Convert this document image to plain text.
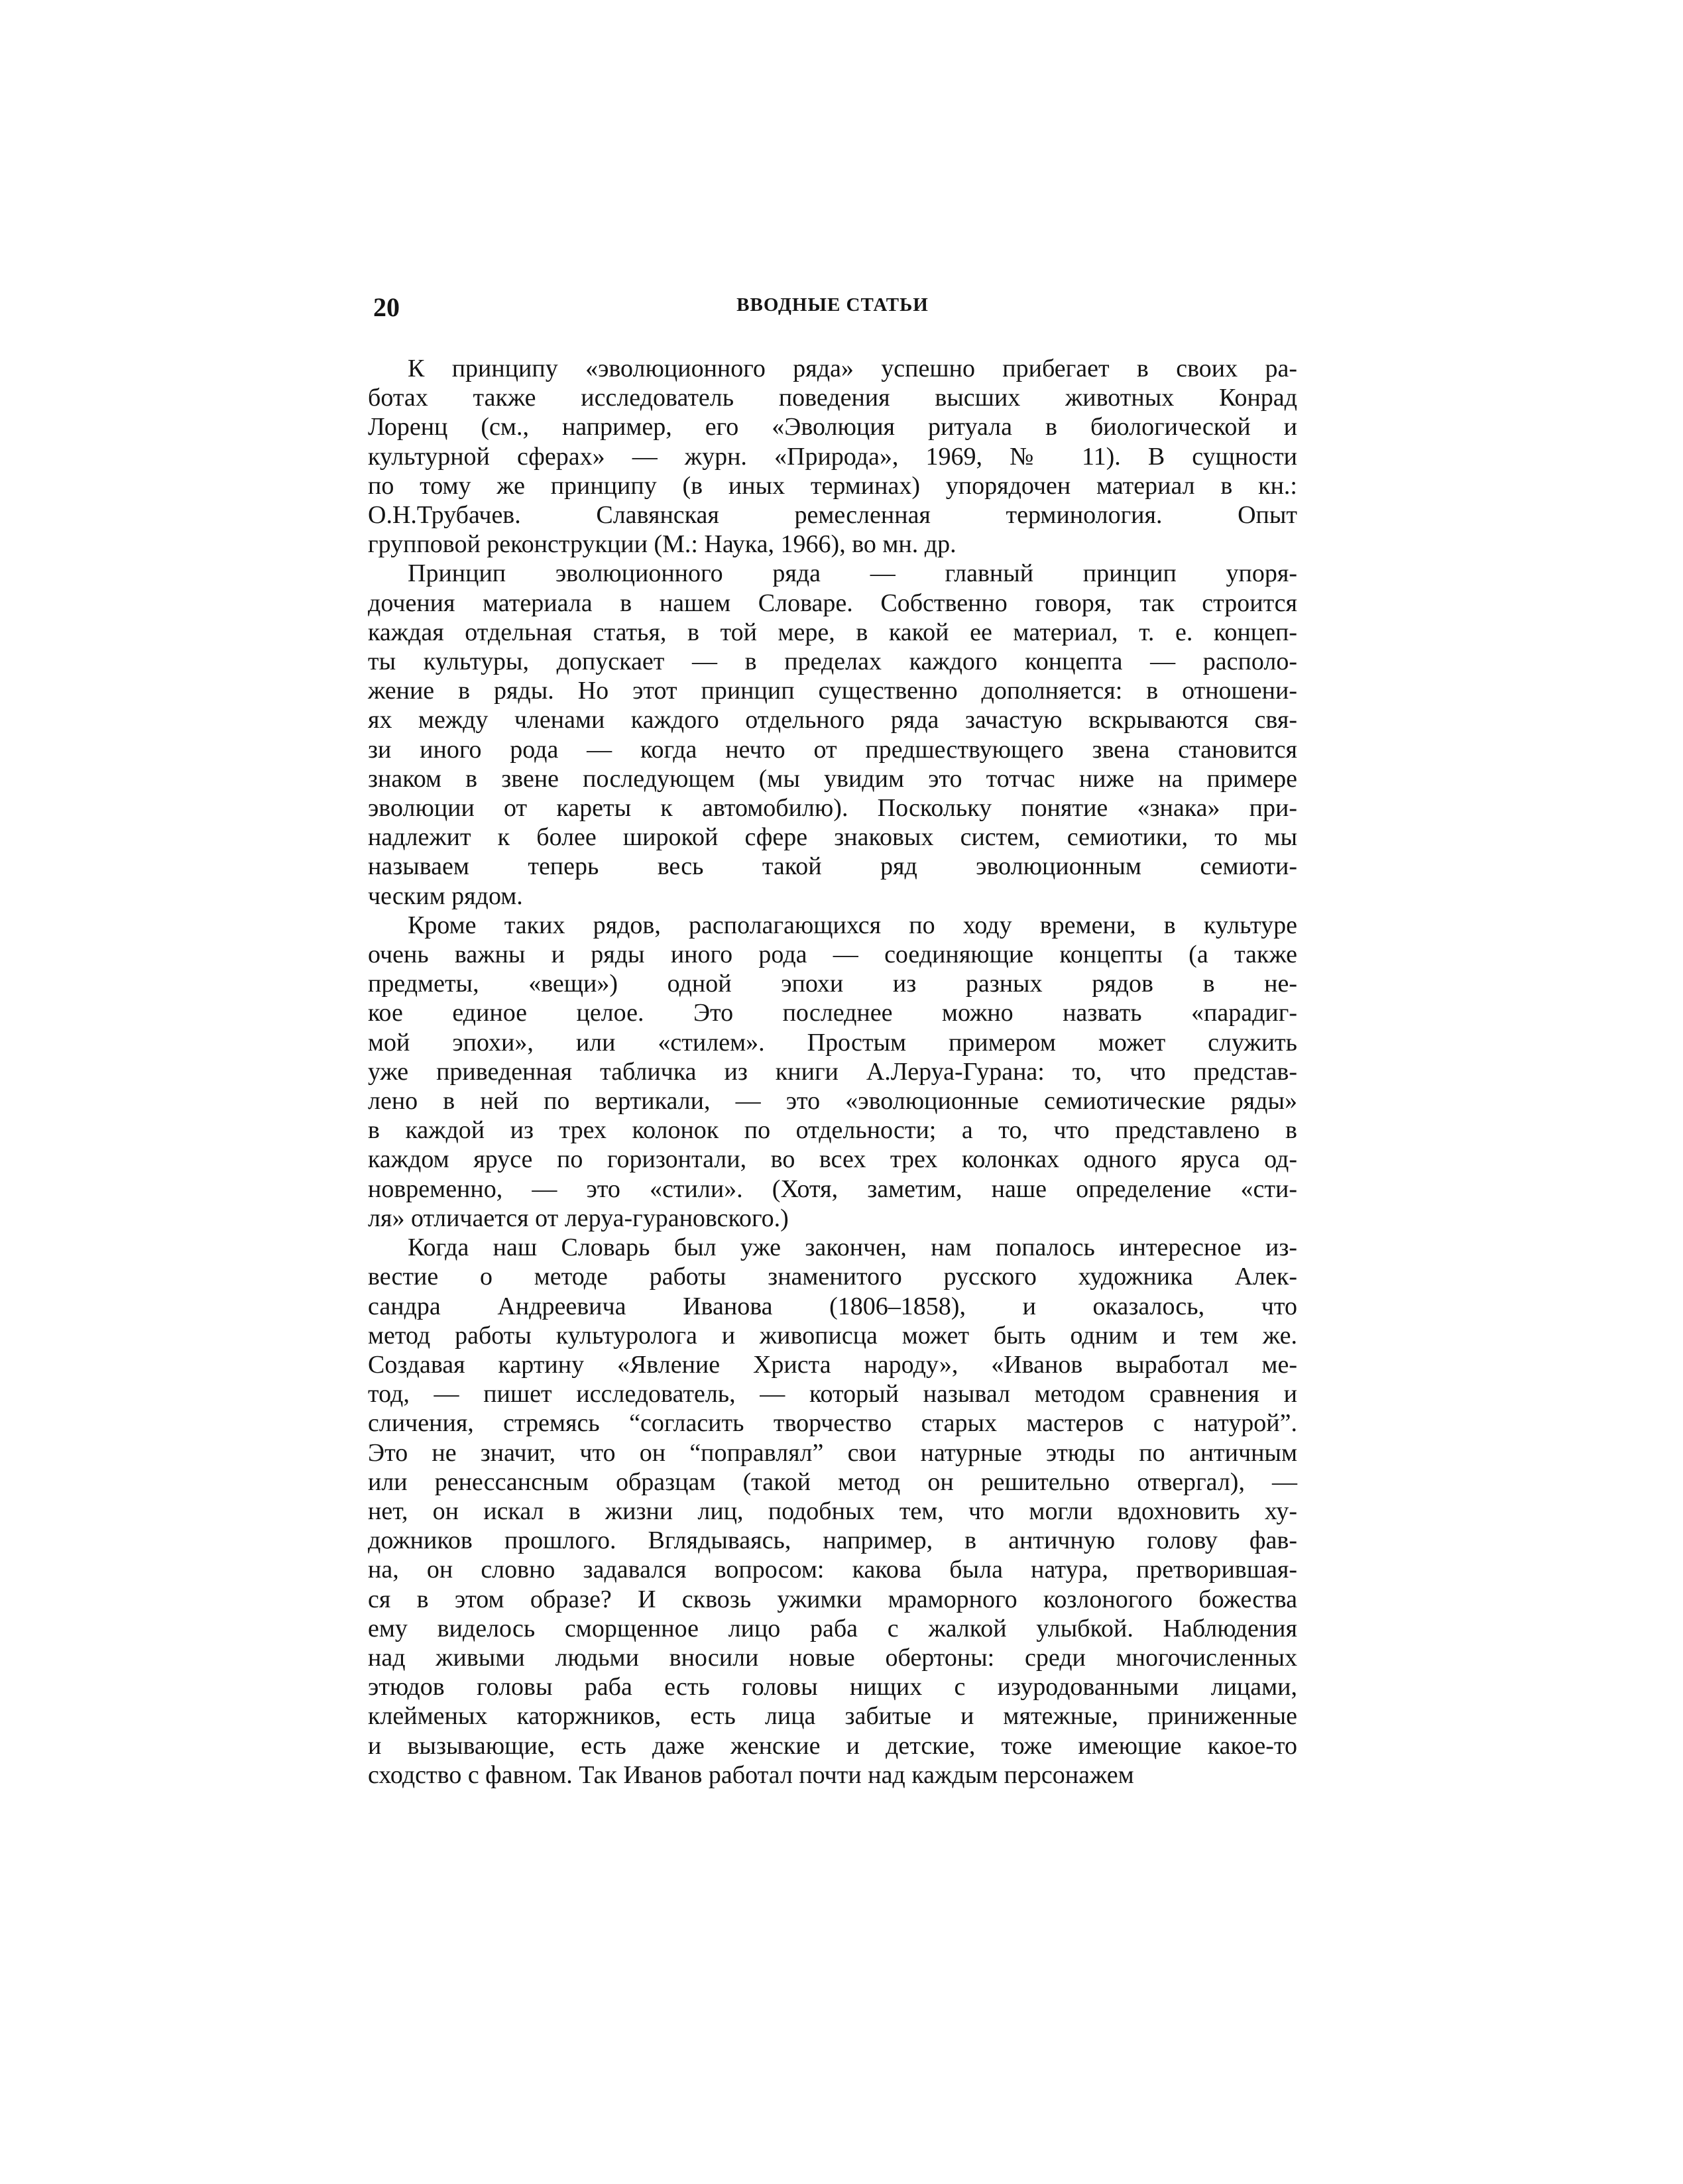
20	ВВОДНЫЕ СТАТЬИ

К принципу «эволюционного ряда» успешно прибегает в своих ра-
ботах также исследователь поведения высших животных Конрад
Лоренц (см., например, его «Эволюция ритуала в биологической и
культурной сферах» — журн. «Природа», 1969, № 11). В сущности
по тому же принципу (в иных терминах) упорядочен материал в кн.:
О.Н.Трубачев. Славянская ремесленная терминология. Опыт
групповой реконструкции (М.: Наука, 1966), во мн. др.

Принцип эволюционного ряда — главный принцип упоря-
дочения материала в нашем Словаре. Собственно говоря, так строится
каждая отдельная статья, в той мере, в какой ее материал, т. е. концеп-
ты культуры, допускает — в пределах каждого концепта — располо-
жение в ряды. Но этот принцип существенно дополняется: в отношени-
ях между членами каждого отдельного ряда зачастую вскрываются свя-
зи иного рода — когда нечто от предшествующего звена становится
знаком в звене последующем (мы увидим это тотчас ниже на примере
эволюции от кареты к автомобилю). Поскольку понятие «знака» при-
надлежит к более широкой сфере знаковых систем, семиотики, то мы
называем теперь весь такой ряд эволюционным семиоти-
ческим рядом.

Кроме таких рядов, располагающихся по ходу времени, в культуре
очень важны и ряды иного рода — соединяющие концепты (а также
предметы, «вещи») одной эпохи из разных рядов в не-
кое единое целое. Это последнее можно назвать «парадиг-
мой эпохи», или «стилем». Простым примером может служить
уже приведенная табличка из книги А.Леруа-Гурана: то, что представ-
лено в ней по вертикали, — это «эволюционные семиотические ряды»
в каждой из трех колонок по отдельности; а то, что представлено в
каждом ярусе по горизонтали, во всех трех колонках одного яруса од-
новременно, — это «стили». (Хотя, заметим, наше определение «сти-
ля» отличается от леруа-гурановского.)

Когда наш Словарь был уже закончен, нам попалось интересное из-
вестие о методе работы знаменитого русского художника Алек-
сандра Андреевича Иванова (1806–1858), и оказалось, что
метод работы культуролога и живописца может быть одним и тем же.
Создавая картину «Явление Христа народу», «Иванов выработал ме-
тод, — пишет исследователь, — который называл методом сравнения и
сличения, стремясь “согласить творчество старых мастеров с натурой”.
Это не значит, что он “поправлял” свои натурные этюды по античным
или ренессансным образцам (такой метод он решительно отвергал), —
нет, он искал в жизни лиц, подобных тем, что могли вдохновить ху-
дожников прошлого. Вглядываясь, например, в античную голову фав-
на, он словно задавался вопросом: какова была натура, претворившая-
ся в этом образе? И сквозь ужимки мраморного козлоногого божества
ему виделось сморщенное лицо раба с жалкой улыбкой. Наблюдения
над живыми людьми вносили новые обертоны: среди многочисленных
этюдов головы раба есть головы нищих с изуродованными лицами,
клейменых каторжников, есть лица забитые и мятежные, приниженные
и вызывающие, есть даже женские и детские, тоже имеющие какое-то
сходство с фавном. Так Иванов работал почти над каждым персонажем
